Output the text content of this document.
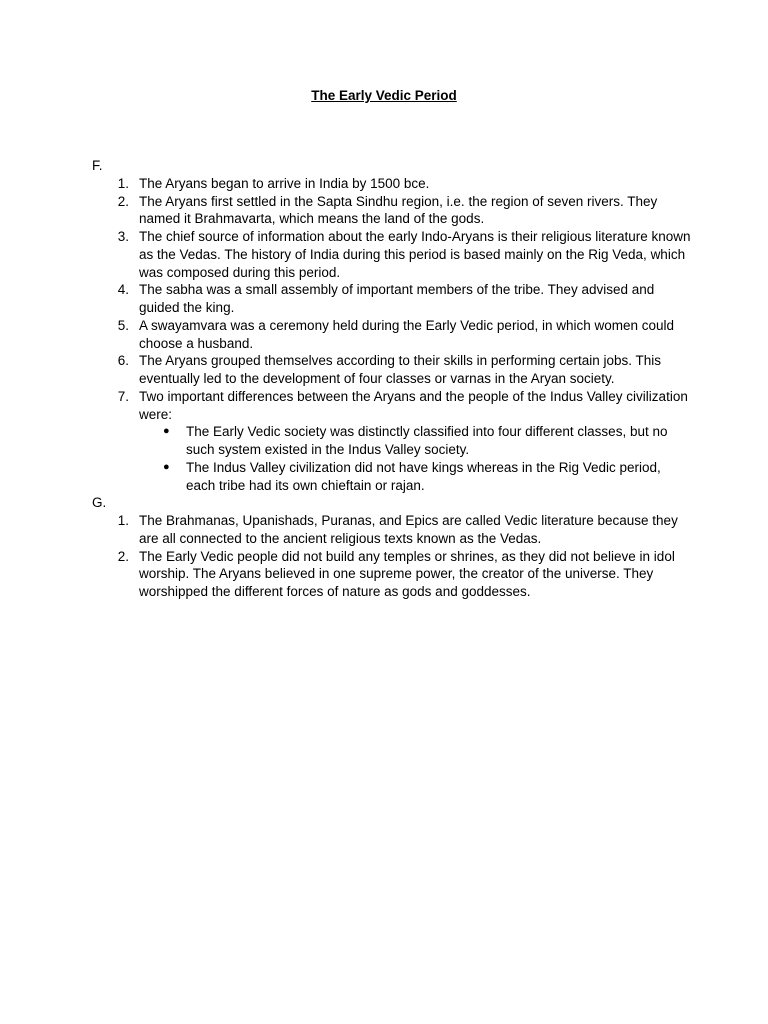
The Early Vedic Period
F.
1. The Aryans began to arrive in India by 1500 bce.
2. The Aryans first settled in the Sapta Sindhu region, i.e. the region of seven rivers. They named it Brahmavarta, which means the land of the gods.
3. The chief source of information about the early Indo-Aryans is their religious literature known as the Vedas. The history of India during this period is based mainly on the Rig Veda, which was composed during this period.
4. The sabha was a small assembly of important members of the tribe. They advised and guided the king.
5. A swayamvara was a ceremony held during the Early Vedic period, in which women could choose a husband.
6. The Aryans grouped themselves according to their skills in performing certain jobs. This eventually led to the development of four classes or varnas in the Aryan society.
7. Two important differences between the Aryans and the people of the Indus Valley civilization were:
● The Early Vedic society was distinctly classified into four different classes, but no such system existed in the Indus Valley society.
● The Indus Valley civilization did not have kings whereas in the Rig Vedic period, each tribe had its own chieftain or rajan.
G.
1. The Brahmanas, Upanishads, Puranas, and Epics are called Vedic literature because they are all connected to the ancient religious texts known as the Vedas.
2. The Early Vedic people did not build any temples or shrines, as they did not believe in idol worship. The Aryans believed in one supreme power, the creator of the universe. They worshipped the different forces of nature as gods and goddesses.
